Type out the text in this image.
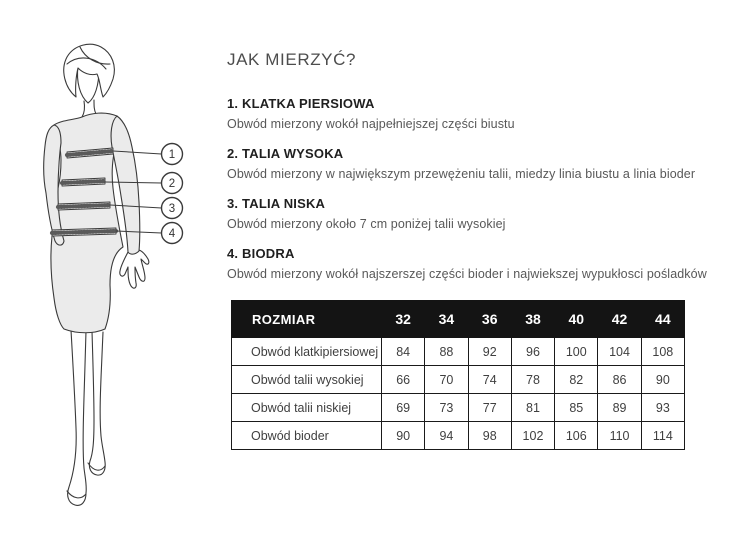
1
2
3
4
JAK MIERZYĆ?
1. KLATKA PIERSIOWA

Obwód mierzony wokół najpełniejszej części biustu

2. TALIA WYSOKA

Obwód mierzony w największym przewężeniu talii, miedzy linia biustu a linia bioder

3. TALIA NISKA

Obwód mierzony około 7 cm poniżej talii wysokiej

4. BIODRA

Obwód mierzony wokół najszerszej części bioder i najwiekszej wypukłosci pośladków

ROZMIAR	32	34	36	38	40	42	44
Obwód klatkipiersiowej	84	88	92	96	100	104	108
Obwód talii wysokiej	66	70	74	78	82	86	90
Obwód talii niskiej	69	73	77	81	85	89	93
Obwód bioder	90	94	98	102	106	110	114
